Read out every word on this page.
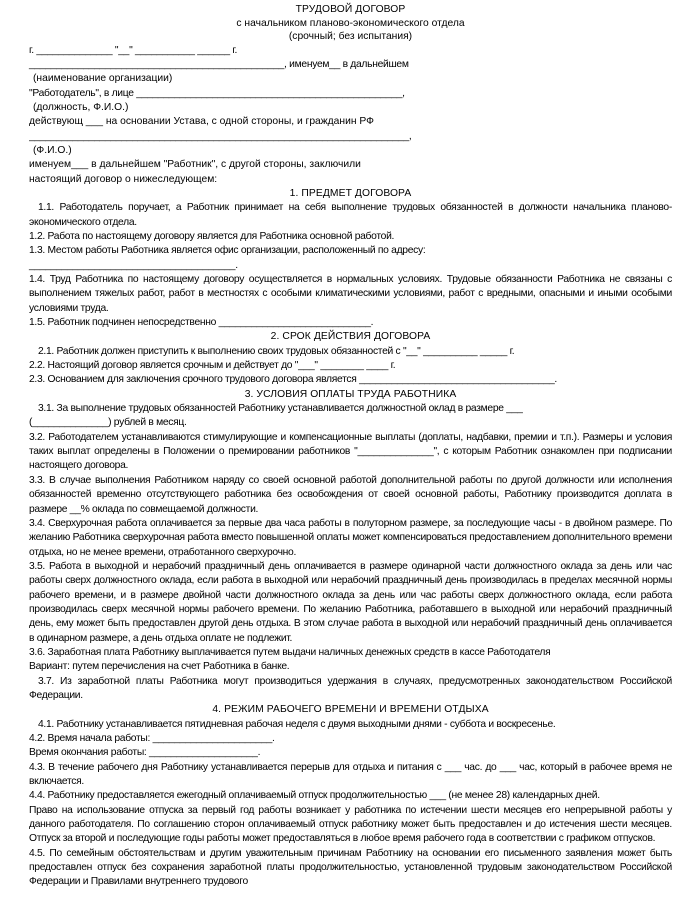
ТРУДОВОЙ ДОГОВОР
с начальником планово-экономического отдела
(срочный; без испытания)
г. ______________ "__" ___________ ______ г.
_______________________________________________, именуем__ в дальнейшем
(наименование организации)
"Работодатель", в лице _________________________________________________,
(должность, Ф.И.О.)
действующ ___ на основании Устава, с одной стороны, и гражданин РФ
______________________________________________________________________,
(Ф.И.О.)
именуем___ в дальнейшем "Работник", с другой стороны, заключили
настоящий договор о нижеследующем:
1. ПРЕДМЕТ ДОГОВОРА
1.1. Работодатель поручает, а Работник принимает на себя выполнение трудовых обязанностей в должности начальника планово-экономического отдела.
1.2. Работа по настоящему договору является для Работника основной работой.
1.3. Местом работы Работника является офис организации, расположенный по адресу:
______________________________________.
1.4. Труд Работника по настоящему договору осуществляется в нормальных условиях. Трудовые обязанности Работника не связаны с выполнением тяжелых работ, работ в местностях с особыми климатическими условиями, работ с вредными, опасными и иными особыми условиями труда.
1.5. Работник подчинен непосредственно ____________________________.
2. СРОК ДЕЙСТВИЯ ДОГОВОРА
2.1. Работник должен приступить к выполнению своих трудовых обязанностей с "__" __________ _____ г.
2.2. Настоящий договор является срочным и действует до "___" ________ ____ г.
2.3. Основанием для заключения срочного трудового договора является ____________________________________.
3. УСЛОВИЯ ОПЛАТЫ ТРУДА РАБОТНИКА
3.1. За выполнение трудовых обязанностей Работнику устанавливается должностной оклад в размере ___
(______________) рублей в месяц.
3.2. Работодателем устанавливаются стимулирующие и компенсационные выплаты (доплаты, надбавки, премии и т.п.). Размеры и условия таких выплат определены в Положении о премировании работников "______________", с которым Работник ознакомлен при подписании настоящего договора.
3.3. В случае выполнения Работником наряду со своей основной работой дополнительной работы по другой должности или исполнения обязанностей временно отсутствующего работника без освобождения от своей основной работы, Работнику производится доплата в размере __% оклада по совмещаемой должности.
3.4. Сверхурочная работа оплачивается за первые два часа работы в полуторном размере, за последующие часы - в двойном размере. По желанию Работника сверхурочная работа вместо повышенной оплаты может компенсироваться предоставлением дополнительного времени отдыха, но не менее времени, отработанного сверхурочно.
3.5. Работа в выходной и нерабочий праздничный день оплачивается в размере одинарной части должностного оклада за день или час работы сверх должностного оклада, если работа в выходной или нерабочий праздничный день производилась в пределах месячной нормы рабочего времени, и в размере двойной части должностного оклада за день или час работы сверх должностного оклада, если работа производилась сверх месячной нормы рабочего времени. По желанию Работника, работавшего в выходной или нерабочий праздничный день, ему может быть предоставлен другой день отдыха. В этом случае работа в выходной или нерабочий праздничный день оплачивается в одинарном размере, а день отдыха оплате не подлежит.
3.6. Заработная плата Работнику выплачивается путем выдачи наличных денежных средств в кассе Работодателя
Вариант: путем перечисления на счет Работника в банке.
3.7. Из заработной платы Работника могут производиться удержания в случаях, предусмотренных законодательством Российской Федерации.
4. РЕЖИМ РАБОЧЕГО ВРЕМЕНИ И ВРЕМЕНИ ОТДЫХА
4.1. Работнику устанавливается пятидневная рабочая неделя с двумя выходными днями - суббота и воскресенье.
4.2. Время начала работы: ______________________.
Время окончания работы: ____________________.
4.3. В течение рабочего дня Работнику устанавливается перерыв для отдыха и питания с ___ час. до ___ час, который в рабочее время не включается.
4.4. Работнику предоставляется ежегодный оплачиваемый отпуск продолжительностью ___ (не менее 28) календарных дней.
Право на использование отпуска за первый год работы возникает у работника по истечении шести месяцев его непрерывной работы у данного работодателя. По соглашению сторон оплачиваемый отпуск работнику может быть предоставлен и до истечения шести месяцев. Отпуск за второй и последующие годы работы может предоставляться в любое время рабочего года в соответствии с графиком отпусков.
4.5. По семейным обстоятельствам и другим уважительным причинам Работнику на основании его письменного заявления может быть предоставлен отпуск без сохранения заработной платы продолжительностью, установленной трудовым законодательством Российской Федерации и Правилами внутреннего трудового
